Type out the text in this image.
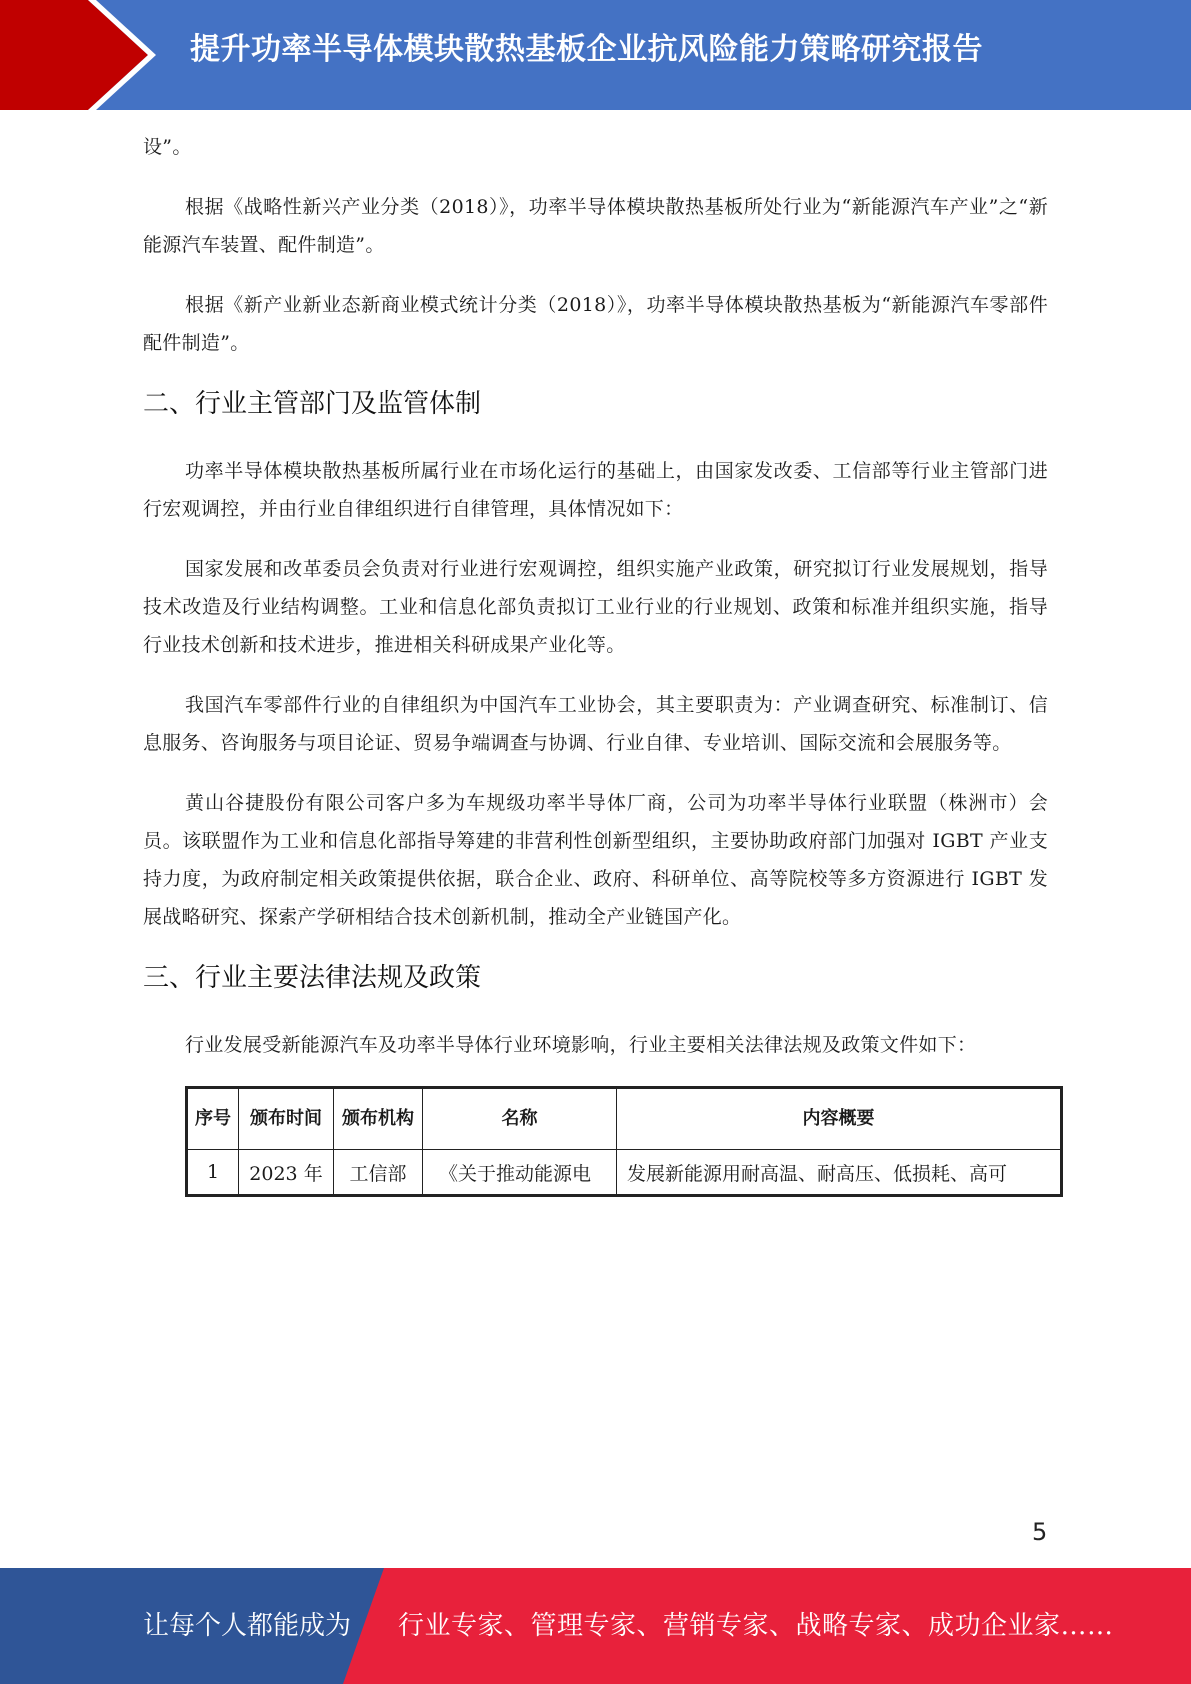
提升功率半导体模块散热基板企业抗风险能力策略研究报告

设”。

根据《战略性新兴产业分类（2018）》，功率半导体模块散热基板所处行业为“新能源汽车产业”之“新能源汽车装置、配件制造”。

根据《新产业新业态新商业模式统计分类（2018）》，功率半导体模块散热基板为“新能源汽车零部件配件制造”。

二、行业主管部门及监管体制

功率半导体模块散热基板所属行业在市场化运行的基础上，由国家发改委、工信部等行业主管部门进行宏观调控，并由行业自律组织进行自律管理，具体情况如下：

国家发展和改革委员会负责对行业进行宏观调控，组织实施产业政策，研究拟订行业发展规划，指导技术改造及行业结构调整。工业和信息化部负责拟订工业行业的行业规划、政策和标准并组织实施，指导行业技术创新和技术进步，推进相关科研成果产业化等。

我国汽车零部件行业的自律组织为中国汽车工业协会，其主要职责为：产业调查研究、标准制订、信息服务、咨询服务与项目论证、贸易争端调查与协调、行业自律、专业培训、国际交流和会展服务等。

黄山谷捷股份有限公司客户多为车规级功率半导体厂商，公司为功率半导体行业联盟（株洲市）会员。该联盟作为工业和信息化部指导筹建的非营利性创新型组织，主要协助政府部门加强对 IGBT 产业支持力度，为政府制定相关政策提供依据，联合企业、政府、科研单位、高等院校等多方资源进行 IGBT 发展战略研究、探索产学研相结合技术创新机制，推动全产业链国产化。

三、行业主要法律法规及政策

行业发展受新能源汽车及功率半导体行业环境影响，行业主要相关法律法规及政策文件如下：

序号	颁布时间	颁布机构	名称	内容概要
1	2023 年	工信部	《关于推动能源电	发展新能源用耐高温、耐高压、低损耗、高可
5
让每个人都能成为 行业专家、管理专家、营销专家、战略专家、成功企业家……
